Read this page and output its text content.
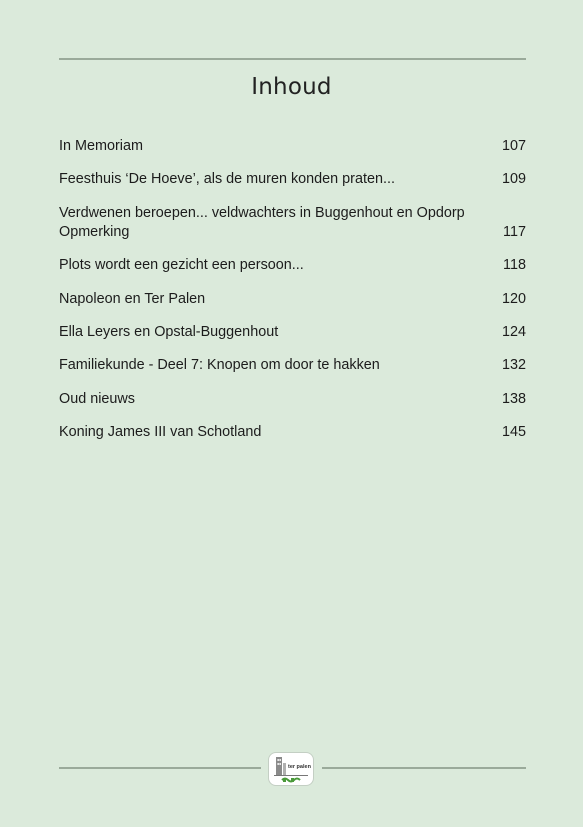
Inhoud
In Memoriam	107
Feesthuis ‘De Hoeve’, als de muren konden praten...	109
Verdwenen beroepen... veldwachters in Buggenhout en Opdorp
Opmerking	117
Plots wordt een gezicht een persoon...	118
Napoleon en Ter Palen	120
Ella Leyers en Opstal-Buggenhout	124
Familiekunde - Deel 7: Knopen om door te hakken	132
Oud nieuws	138
Koning James III van Schotland	145
ter palen
